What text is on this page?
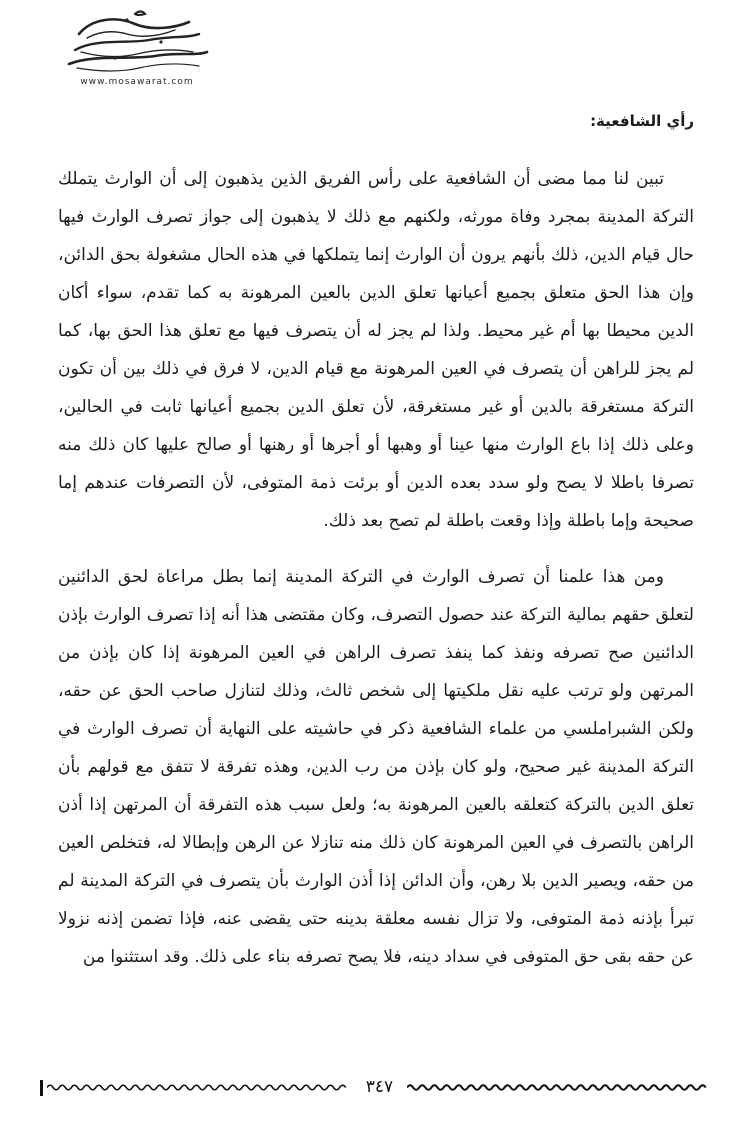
www.mosawarat.com
رأي الشافعية:

تبين لنا مما مضى أن الشافعية على رأس الفريق الذين يذهبون إلى أن الوارث يتملك التركة المدينة بمجرد وفاة مورثه، ولكنهم مع ذلك لا يذهبون إلى جواز تصرف الوارث فيها حال قيام الدين، ذلك بأنهم يرون أن الوارث إنما يتملكها في هذه الحال مشغولة بحق الدائن، وإن هذا الحق متعلق بجميع أعيانها تعلق الدين بالعين المرهونة به كما تقدم، سواء أكان الدين محيطا بها أم غير محيط. ولذا لم يجز له أن يتصرف فيها مع تعلق هذا الحق بها، كما لم يجز للراهن أن يتصرف في العين المرهونة مع قيام الدين، لا فرق في ذلك بين أن تكون التركة مستغرقة بالدين أو غير مستغرقة، لأن تعلق الدين بجميع أعيانها ثابت في الحالين، وعلى ذلك إذا باع الوارث منها عينا أو وهبها أو أجرها أو رهنها أو صالح عليها كان ذلك منه تصرفا باطلا لا يصح ولو سدد بعده الدين أو برئت ذمة المتوفى، لأن التصرفات عندهم إما صحيحة وإما باطلة وإذا وقعت باطلة لم تصح بعد ذلك.

ومن هذا علمنا أن تصرف الوارث في التركة المدينة إنما بطل مراعاة لحق الدائنين لتعلق حقهم بمالية التركة عند حصول التصرف، وكان مقتضى هذا أنه إذا تصرف الوارث بإذن الدائنين صح تصرفه ونفذ كما ينفذ تصرف الراهن في العين المرهونة إذا كان بإذن من المرتهن ولو ترتب عليه نقل ملكيتها إلى شخص ثالث، وذلك لتنازل صاحب الحق عن حقه، ولكن الشبراملسي من علماء الشافعية ذكر في حاشيته على النهاية أن تصرف الوارث في التركة المدينة غير صحيح، ولو كان بإذن من رب الدين، وهذه تفرقة لا تتفق مع قولهم بأن تعلق الدين بالتركة كتعلقه بالعين المرهونة به؛ ولعل سبب هذه التفرقة أن المرتهن إذا أذن الراهن بالتصرف في العين المرهونة كان ذلك منه تنازلا عن الرهن وإبطالا له، فتخلص العين من حقه، ويصير الدين بلا رهن، وأن الدائن إذا أذن الوارث بأن يتصرف في التركة المدينة لم تبرأ بإذنه ذمة المتوفى، ولا تزال نفسه معلقة بدينه حتى يقضى عنه، فإذا تضمن إذنه نزولا عن حقه بقى حق المتوفى في سداد دينه، فلا يصح تصرفه بناء على ذلك. وقد استثنوا من

٣٤٧
